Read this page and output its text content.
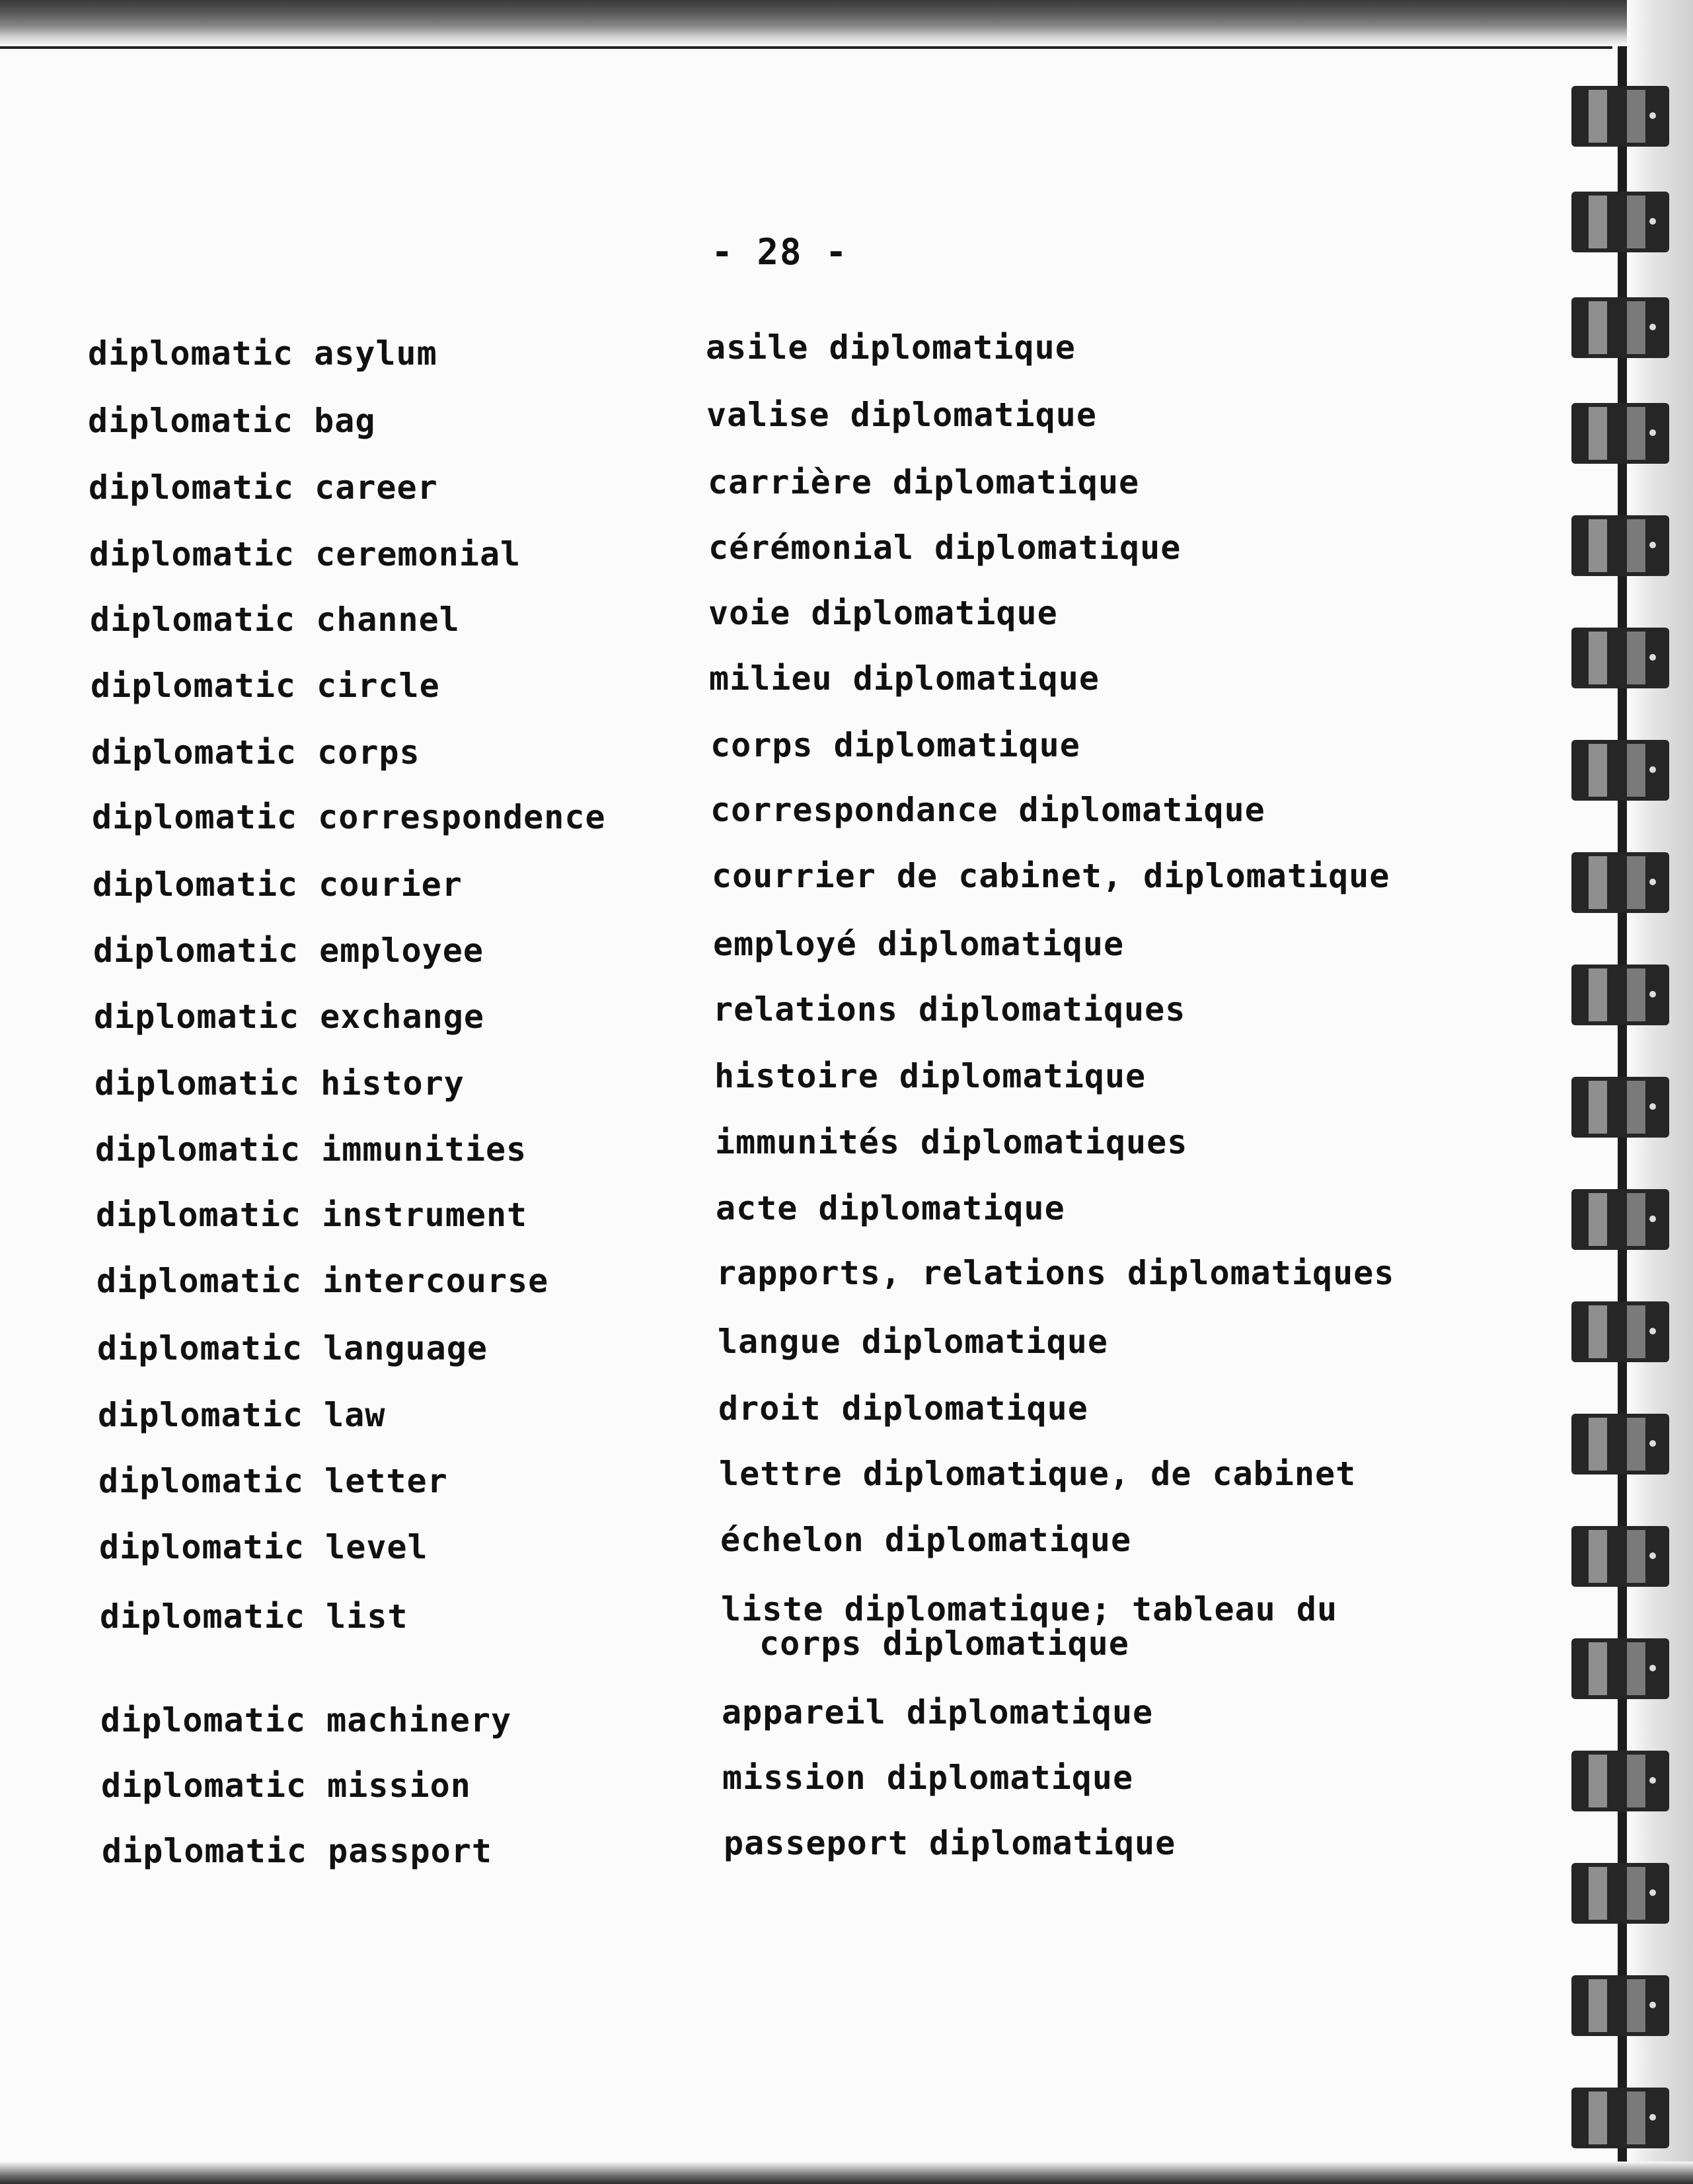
- 28 -
diplomatic asylum	asile diplomatique
diplomatic bag	valise diplomatique
diplomatic career	carrière diplomatique
diplomatic ceremonial	cérémonial diplomatique
diplomatic channel	voie diplomatique
diplomatic circle	milieu diplomatique
diplomatic corps	corps diplomatique
diplomatic correspondence	correspondance diplomatique
diplomatic courier	courrier de cabinet, diplomatique
diplomatic employee	employé diplomatique
diplomatic exchange	relations diplomatiques
diplomatic history	histoire diplomatique
diplomatic immunities	immunités diplomatiques
diplomatic instrument	acte diplomatique
diplomatic intercourse	rapports, relations diplomatiques
diplomatic language	langue diplomatique
diplomatic law	droit diplomatique
diplomatic letter	lettre diplomatique, de cabinet
diplomatic level	échelon diplomatique
diplomatic list	liste diplomatique; tableau du
corps diplomatique
diplomatic machinery	appareil diplomatique
diplomatic mission	mission diplomatique
diplomatic passport	passeport diplomatique
